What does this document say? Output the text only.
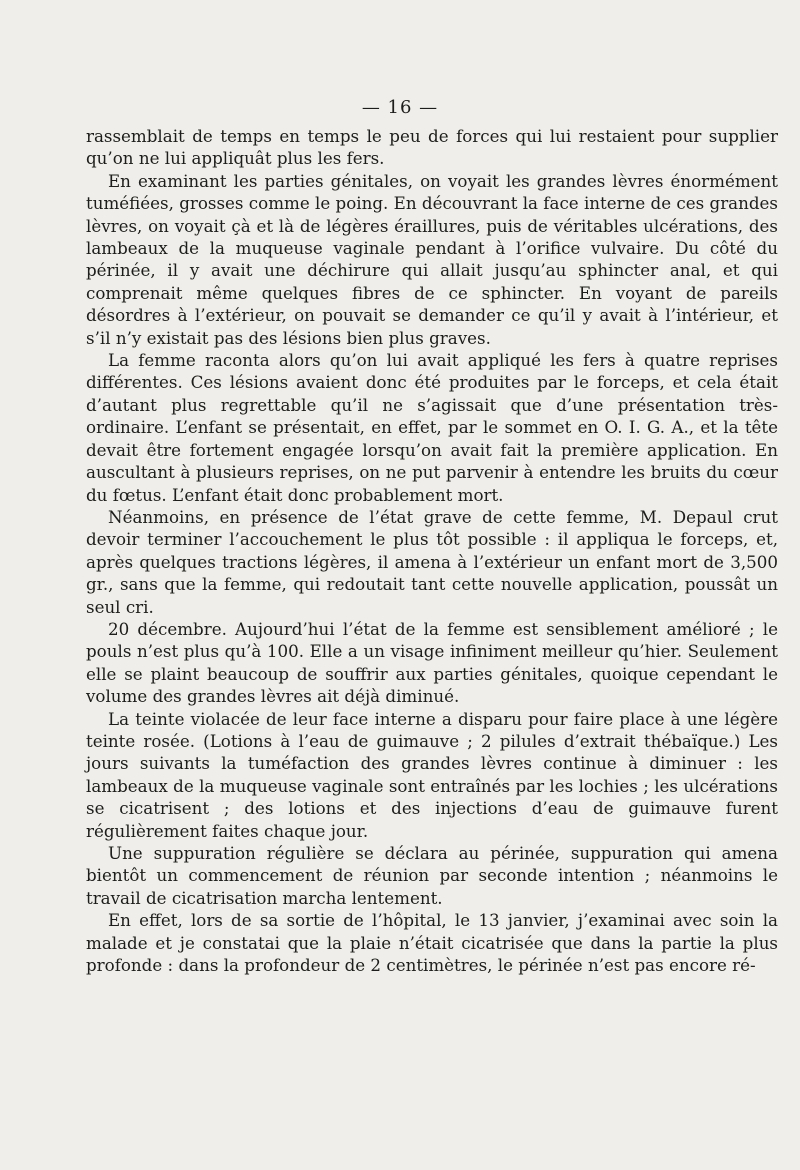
— 16 —

rassemblait de temps en temps le peu de forces qui lui restaient pour supplier qu’on ne lui appliquât plus les fers.

En examinant les parties génitales, on voyait les grandes lèvres énormément tuméfiées, grosses comme le poing. En découvrant la face interne de ces grandes lèvres, on voyait çà et là de légères éraillures, puis de véritables ulcérations, des lambeaux de la muqueuse vaginale pendant à l’orifice vulvaire. Du côté du périnée, il y avait une déchirure qui allait jusqu’au sphincter anal, et qui comprenait même quelques fibres de ce sphincter. En voyant de pareils désordres à l’extérieur, on pouvait se demander ce qu’il y avait à l’intérieur, et s’il n’y existait pas des lésions bien plus graves.

La femme raconta alors qu’on lui avait appliqué les fers à quatre reprises différentes. Ces lésions avaient donc été produites par le forceps, et cela était d’autant plus regrettable qu’il ne s’agissait que d’une présentation très-ordinaire. L’enfant se présentait, en effet, par le sommet en O. I. G. A., et la tête devait être fortement engagée lorsqu’on avait fait la première application. En auscultant à plusieurs reprises, on ne put parvenir à entendre les bruits du cœur du fœtus. L’enfant était donc probablement mort.

Néanmoins, en présence de l’état grave de cette femme, M. Depaul crut devoir terminer l’accouchement le plus tôt possible : il appliqua le forceps, et, après quelques tractions légères, il amena à l’extérieur un enfant mort de 3,500 gr., sans que la femme, qui redoutait tant cette nouvelle application, poussât un seul cri.

20 décembre. Aujourd’hui l’état de la femme est sensiblement amélioré ; le pouls n’est plus qu’à 100. Elle a un visage infiniment meilleur qu’hier. Seulement elle se plaint beaucoup de souffrir aux parties génitales, quoique cependant le volume des grandes lèvres ait déjà diminué.

La teinte violacée de leur face interne a disparu pour faire place à une légère teinte rosée. (Lotions à l’eau de guimauve ; 2 pilules d’extrait thébaïque.) Les jours suivants la tuméfaction des grandes lèvres continue à diminuer : les lambeaux de la muqueuse vaginale sont entraînés par les lochies ; les ulcérations se cicatrisent ; des lotions et des injections d’eau de guimauve furent régulièrement faites chaque jour.

Une suppuration régulière se déclara au périnée, suppuration qui amena bientôt un commencement de réunion par seconde intention ; néanmoins le travail de cicatrisation marcha lentement.

En effet, lors de sa sortie de l’hôpital, le 13 janvier, j’examinai avec soin la malade et je constatai que la plaie n’était cicatrisée que dans la partie la plus profonde : dans la profondeur de 2 centimètres, le périnée n’est pas encore ré-
